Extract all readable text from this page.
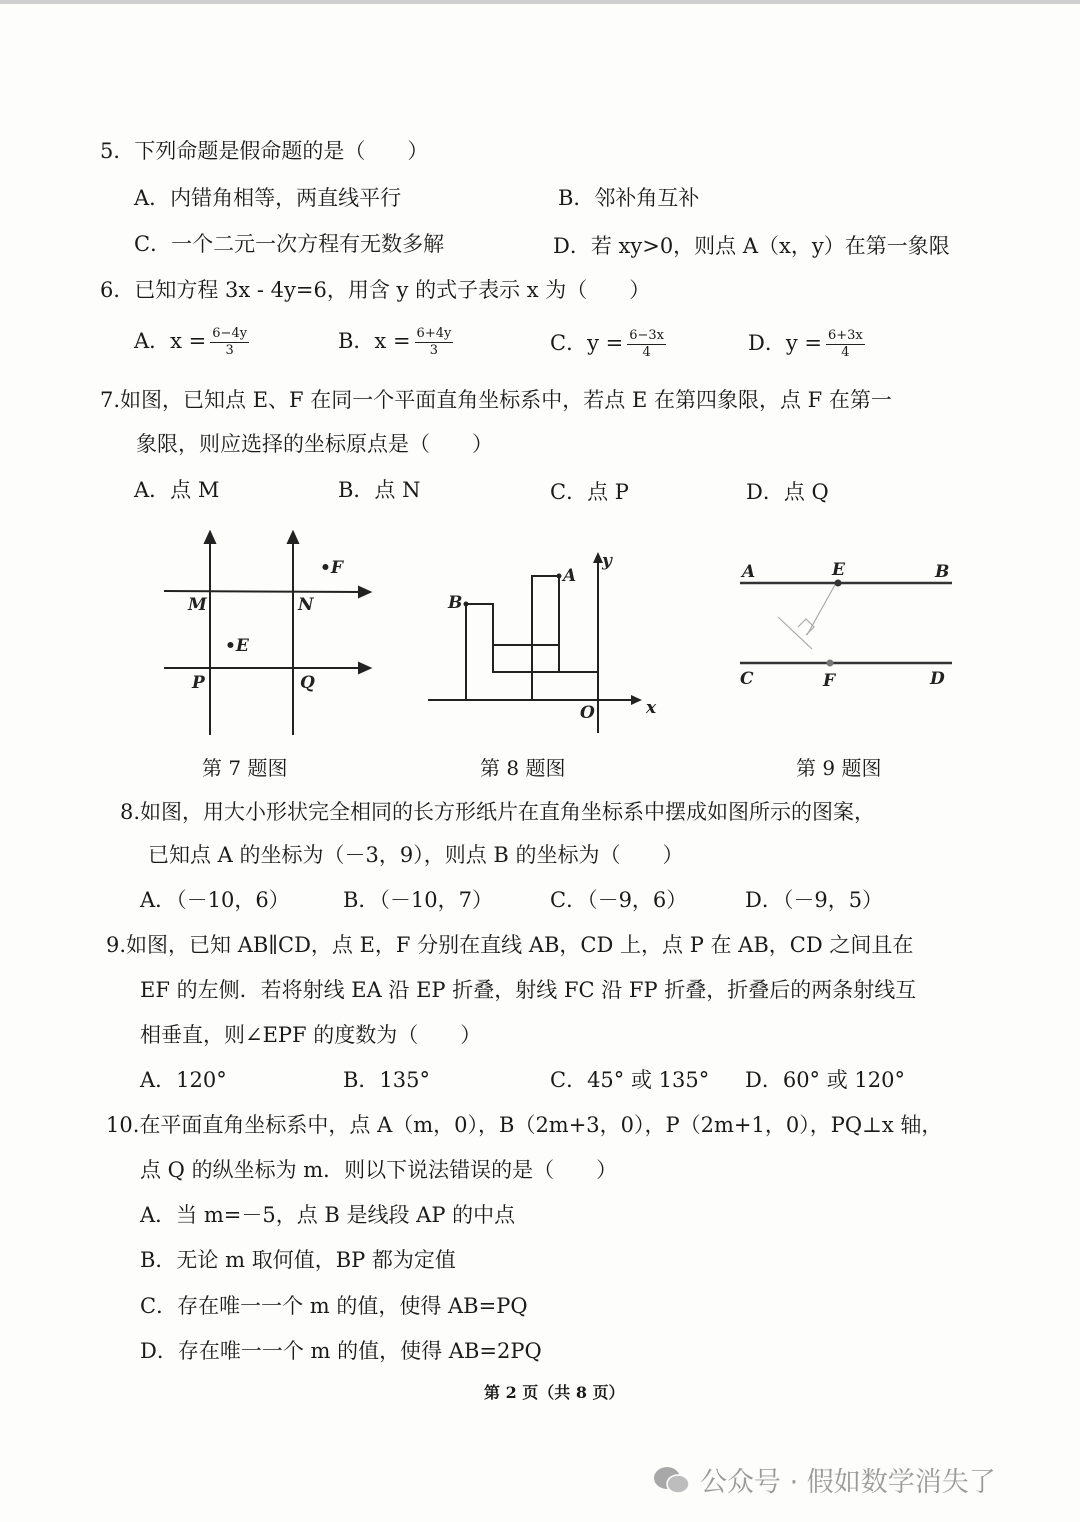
5．下列命题是假命题的是（　　）
A．内错角相等，两直线平行	B．邻补角互补
C．一个二元一次方程有无数多解	D．若 xy>0，则点 A（x，y）在第一象限
6．已知方程 3x - 4y=6，用含 y 的式子表示 x 为（　　）
A．$x = \frac{6-4y}{3}$	B．$x = \frac{6+4y}{3}$	C．$y = \frac{6-3x}{4}$	D．$y = \frac{6+3x}{4}$
7.如图，已知点 E、F 在同一个平面直角坐标系中，若点 E 在第四象限，点 F 在第一
象限，则应选择的坐标原点是（　　）
A．点 M	B．点 N	C．点 P	D．点 Q
M	N
P	Q
•E
•F
第 7 题图
B
A
O	x
y
第 8 题图
A	E	B
C	F	D
第 9 题图
8.如图，用大小形状完全相同的长方形纸片在直角坐标系中摆成如图所示的图案，
已知点 A 的坐标为（－3，9），则点 B 的坐标为（　　）
A．（－10，6）	B．（－10，7）	C．（－9，6）	D．（－9，5）
9.如图，已知 AB∥CD，点 E，F 分别在直线 AB，CD 上，点 P 在 AB，CD 之间且在
EF 的左侧．若将射线 EA 沿 EP 折叠，射线 FC 沿 FP 折叠，折叠后的两条射线互
相垂直，则∠EPF 的度数为（　　）
A．120°	B．135°	C．45° 或 135° D．60° 或 120°
10.在平面直角坐标系中，点 A（m，0），B（2m+3，0），P（2m+1，0），PQ⊥x 轴，
点 Q 的纵坐标为 m．则以下说法错误的是（　　）
A．当 m=－5，点 B 是线段 AP 的中点
B．无论 m 取何值，BP 都为定值
C．存在唯一一个 m 的值，使得 AB=PQ
D．存在唯一一个 m 的值，使得 AB=2PQ
第 2 页（共 8 页）
公众号 · 假如数学消失了
